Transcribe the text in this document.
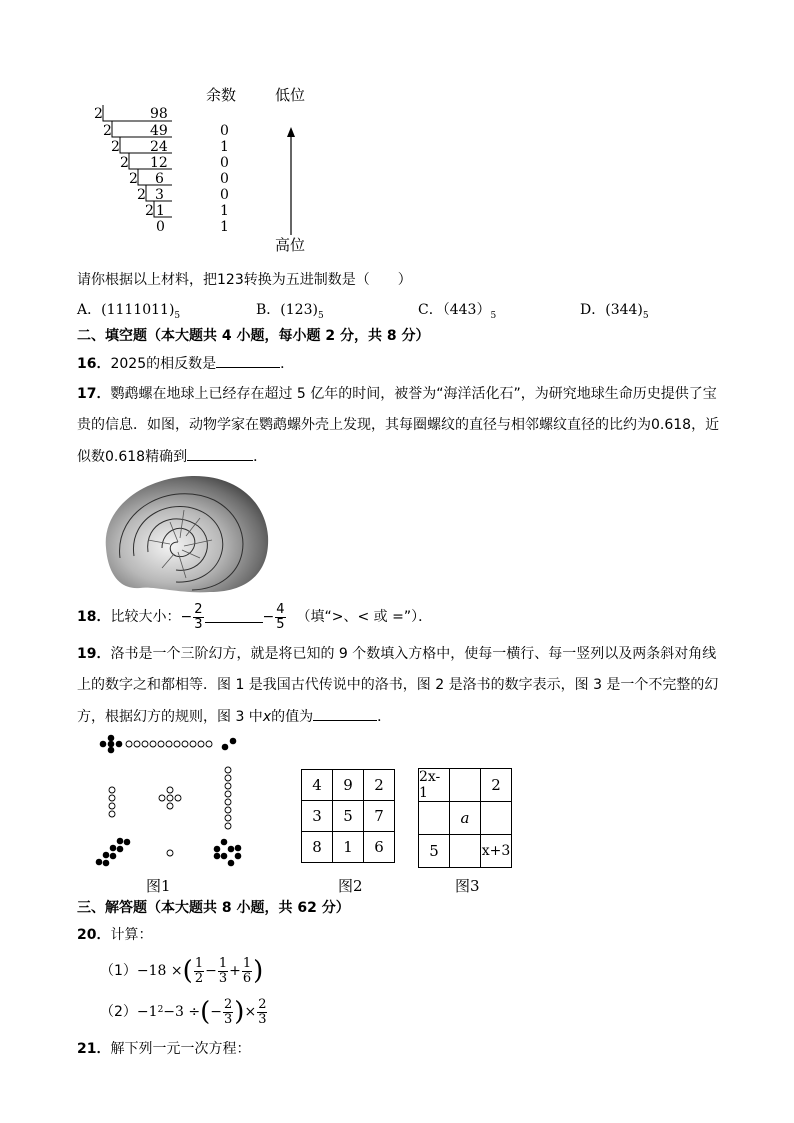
余数	低位
2	98
2	49	0
2 24	1
2 12	0
2 6	0
2 3	0
2 1	1
0	1
高位
请你根据以上材料，把123转换为五进制数是（　　）
A．$(1111011)_5$	B．$(123)_5$	C．$(443)_5$	D．$(344)_5$
二、填空题（本大题共 4 小题，每小题 2 分，共 8 分）
16．2025的相反数是	．
17．鹦鹉螺在地球上已经存在超过 5 亿年的时间，被誉为“海洋活化石”，为研究地球生命历史提供了宝
贵的信息．如图，动物学家在鹦鹉螺外壳上发现，其每圈螺纹的直径与相邻螺纹直径的比约为0.618，近
似数0.618精确到	．
18． 比较大小： − $\frac{2}{3}$	− $\frac{4}{5}$ （填“>、< 或 =”）．
19．洛书是一个三阶幻方，就是将已知的 9 个数填入方格中，使每一横行、每一竖列以及两条斜对角线
上的数字之和都相等．图 1 是我国古代传说中的洛书，图 2 是洛书的数字表示，图 3 是一个不完整的幻
方，根据幻方的规则，图 3 中x的值为	．
4	9	2
3	5	7
8	1	6
2x-1		2
	a	
5		x+3
图1	图2	图3
三、解答题（本大题共 8 小题，共 62 分）
20．计算：
（1） −18 × ( $\frac{1}{2} - \frac{1}{3} + \frac{1}{6}$ )
（2） −1 2 −3 ÷ ( − $\frac{2}{3}$ ) × $\frac{2}{3}$
21．解下列一元一次方程：
